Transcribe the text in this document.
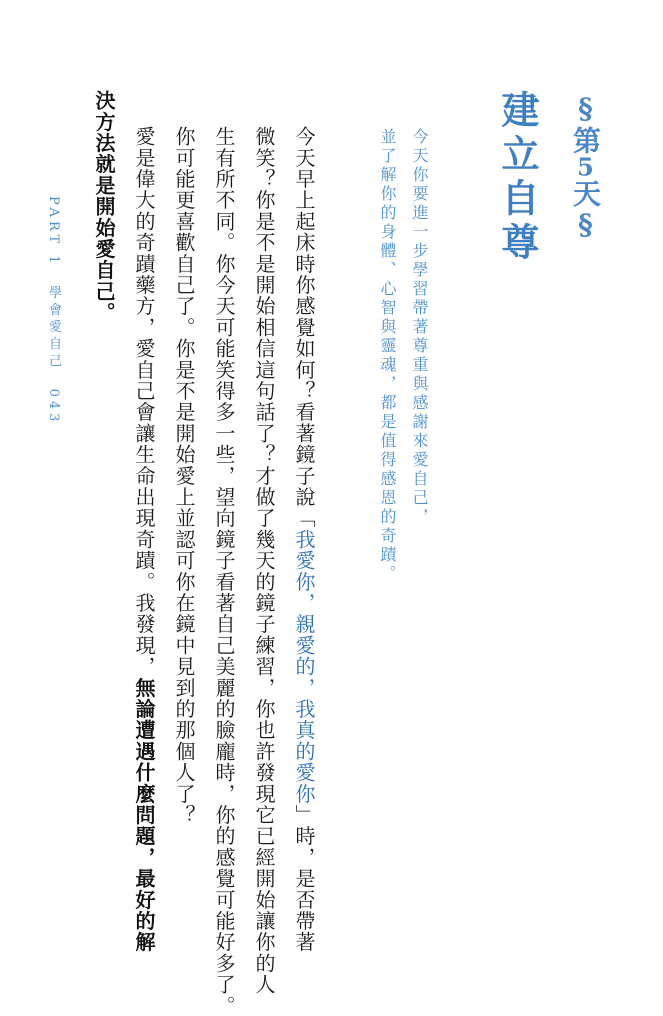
§第5天§
建立自尊
今天你要進一步學習帶著尊重與感謝來愛自己，
並了解你的身體、心智與靈魂，都是值得感恩的奇蹟。
今天早上起床時你感覺如何？看著鏡子說「我愛你，親愛的，我真的愛你」時，是否帶著
微笑？你是不是開始相信這句話了？才做了幾天的鏡子練習，你也許發現它已經開始讓你的人
生有所不同。你今天可能笑得多一些，望向鏡子看著自己美麗的臉龐時，你的感覺可能好多了。
你可能更喜歡自己了。你是不是開始愛上並認可你在鏡中見到的那個人了？
愛是偉大的奇蹟藥方，愛自己會讓生命出現奇蹟。我發現，無論遭遇什麼問題，最好的解
決方法就是開始愛自己。
PART 1學會愛自己043
